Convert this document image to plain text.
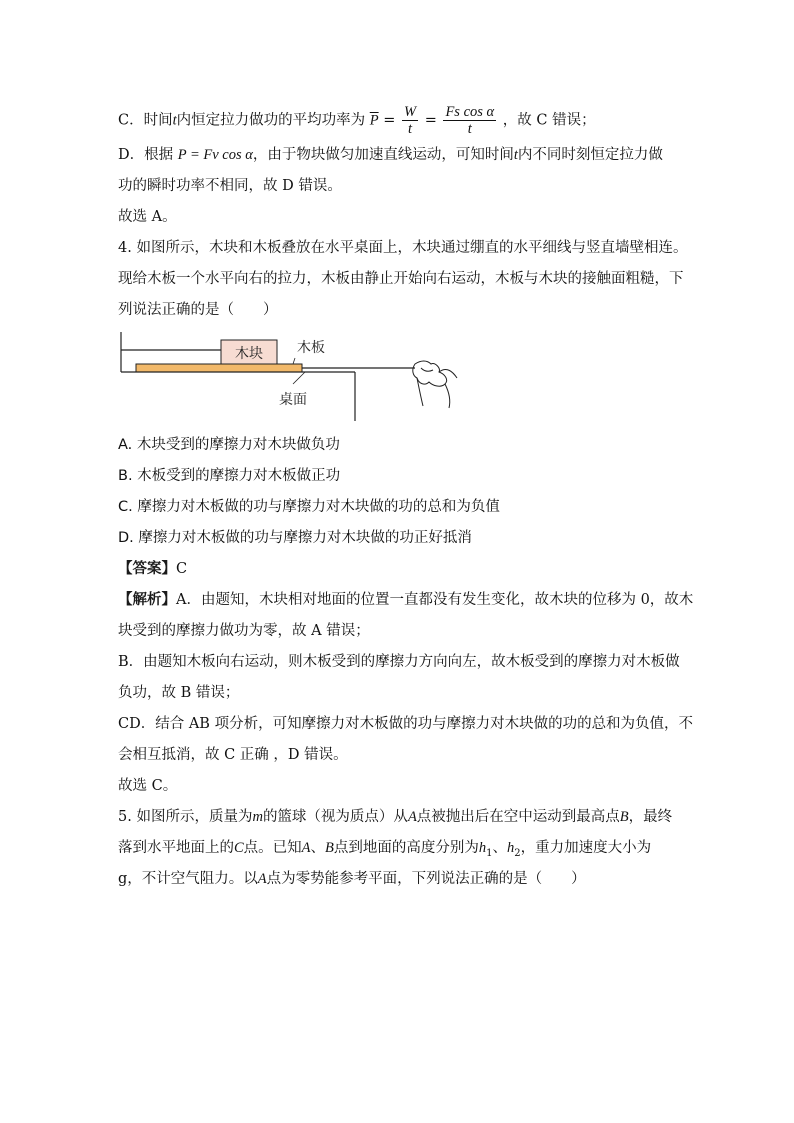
C．时间t内恒定拉力做功的平均功率为 $\overline{P} = \frac{W}{t} = \frac{\text{Fs cos α}}{t}$ ，故 C 错误；
D．根据 P = Fv cos α，由于物块做匀加速直线运动，可知时间t内不同时刻恒定拉力做
功的瞬时功率不相同，故 D 错误。
故选 A。
4. 如图所示，木块和木板叠放在水平桌面上，木块通过绷直的水平细线与竖直墙壁相连。
现给木板一个水平向右的拉力，木板由静止开始向右运动，木板与木块的接触面粗糙，下
列说法正确的是（　　）
木块 木板
桌面
A. 木块受到的摩擦力对木块做负功
B. 木板受到的摩擦力对木板做正功
C. 摩擦力对木板做的功与摩擦力对木块做的功的总和为负值
D. 摩擦力对木板做的功与摩擦力对木块做的功正好抵消
【答案】C
【解析】A．由题知，木块相对地面的位置一直都没有发生变化，故木块的位移为 0，故木
块受到的摩擦力做功为零，故 A 错误；
B．由题知木板向右运动，则木板受到的摩擦力方向向左，故木板受到的摩擦力对木板做
负功，故 B 错误；
CD．结合 AB 项分析，可知摩擦力对木板做的功与摩擦力对木块做的功的总和为负值，不
会相互抵消，故 C 正确 ，D 错误。
故选 C。
5. 如图所示，质量为m的篮球（视为质点）从A点被抛出后在空中运动到最高点B，最终
落到水平地面上的C点。已知A、B点到地面的高度分别为$h_1$、$h_2$，重力加速度大小为
g，不计空气阻力。以A点为零势能参考平面，下列说法正确的是（　　）
